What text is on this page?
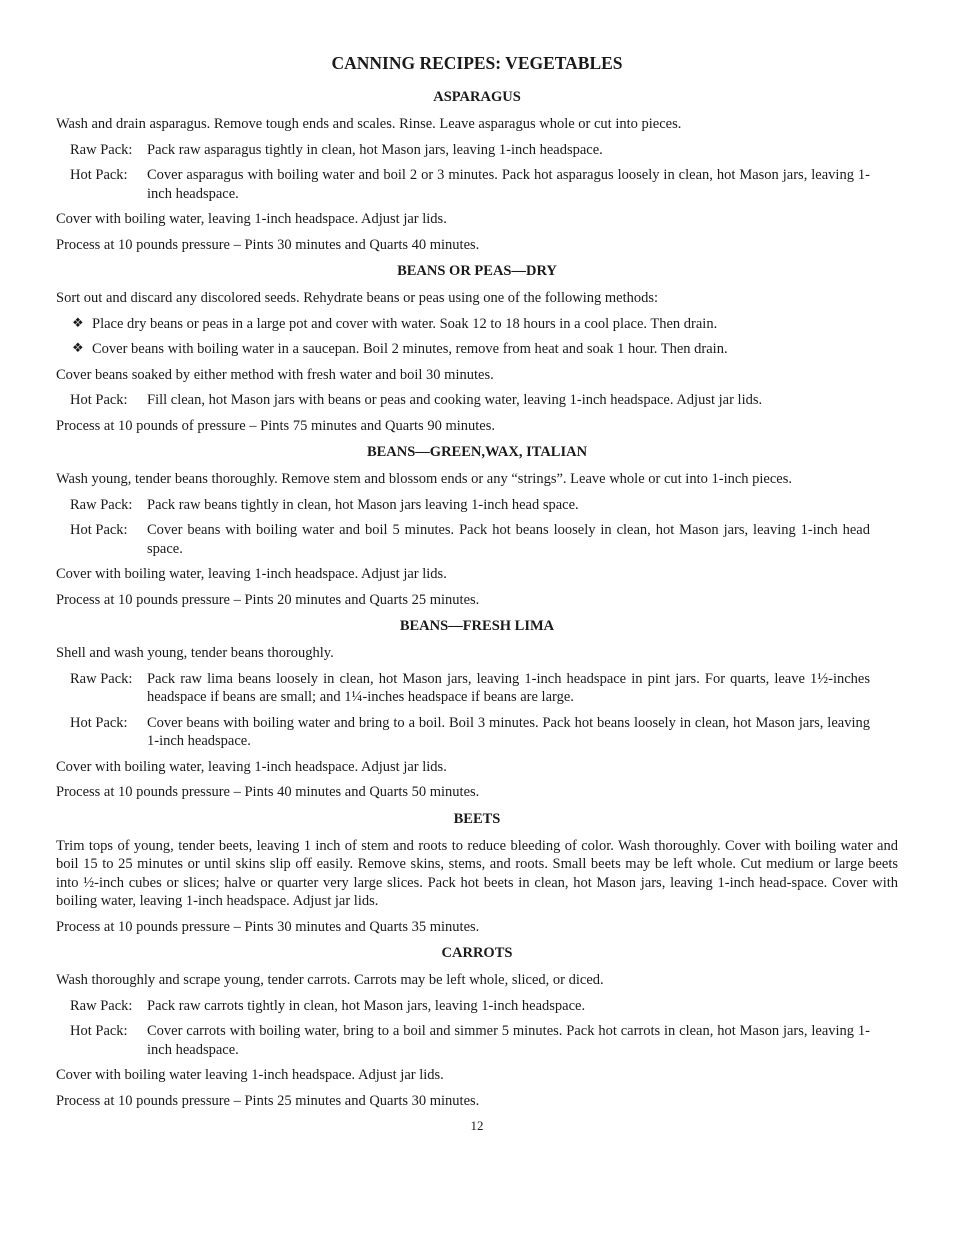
CANNING RECIPES: VEGETABLES
ASPARAGUS

Wash and drain asparagus. Remove tough ends and scales. Rinse. Leave asparagus whole or cut into pieces.

Raw Pack:	Pack raw asparagus tightly in clean, hot Mason jars, leaving 1-inch headspace.
Hot Pack:	Cover asparagus with boiling water and boil 2 or 3 minutes. Pack hot asparagus loosely in clean, hot Mason jars, leaving 1-inch headspace.

Cover with boiling water, leaving 1-inch headspace. Adjust jar lids.

Process at 10 pounds pressure – Pints 30 minutes and Quarts 40 minutes.

BEANS OR PEAS—DRY

Sort out and discard any discolored seeds. Rehydrate beans or peas using one of the following methods:

❖ Place dry beans or peas in a large pot and cover with water. Soak 12 to 18 hours in a cool place. Then drain.
❖ Cover beans with boiling water in a saucepan. Boil 2 minutes, remove from heat and soak 1 hour. Then drain.

Cover beans soaked by either method with fresh water and boil 30 minutes.

Hot Pack:	Fill clean, hot Mason jars with beans or peas and cooking water, leaving 1-inch headspace. Adjust jar lids.

Process at 10 pounds of pressure – Pints 75 minutes and Quarts 90 minutes.

BEANS—GREEN,WAX, ITALIAN

Wash young, tender beans thoroughly. Remove stem and blossom ends or any “strings”. Leave whole or cut into 1-inch pieces.

Raw Pack:	Pack raw beans tightly in clean, hot Mason jars leaving 1-inch head space.
Hot Pack:	Cover beans with boiling water and boil 5 minutes. Pack hot beans loosely in clean, hot Mason jars, leaving 1-inch head space.

Cover with boiling water, leaving 1-inch headspace. Adjust jar lids.

Process at 10 pounds pressure – Pints 20 minutes and Quarts 25 minutes.

BEANS—FRESH LIMA

Shell and wash young, tender beans thoroughly.

Raw Pack:	Pack raw lima beans loosely in clean, hot Mason jars, leaving 1-inch headspace in pint jars. For quarts, leave 1½-inches headspace if beans are small; and 1¼-inches headspace if beans are large.
Hot Pack:	Cover beans with boiling water and bring to a boil. Boil 3 minutes. Pack hot beans loosely in clean, hot Mason jars, leaving 1-inch headspace.

Cover with boiling water, leaving 1-inch headspace. Adjust jar lids.

Process at 10 pounds pressure – Pints 40 minutes and Quarts 50 minutes.

BEETS

Trim tops of young, tender beets, leaving 1 inch of stem and roots to reduce bleeding of color. Wash thoroughly. Cover with boiling water and boil 15 to 25 minutes or until skins slip off easily. Remove skins, stems, and roots. Small beets may be left whole. Cut medium or large beets into ½-inch cubes or slices; halve or quarter very large slices. Pack hot beets in clean, hot Mason jars, leaving 1-inch head-space. Cover with boiling water, leaving 1-inch headspace. Adjust jar lids.

Process at 10 pounds pressure – Pints 30 minutes and Quarts 35 minutes.

CARROTS

Wash thoroughly and scrape young, tender carrots. Carrots may be left whole, sliced, or diced.

Raw Pack:	Pack raw carrots tightly in clean, hot Mason jars, leaving 1-inch headspace.
Hot Pack:	Cover carrots with boiling water, bring to a boil and simmer 5 minutes. Pack hot carrots in clean, hot Mason jars, leaving 1-inch headspace.

Cover with boiling water leaving 1-inch headspace. Adjust jar lids.

Process at 10 pounds pressure – Pints 25 minutes and Quarts 30 minutes.

12
